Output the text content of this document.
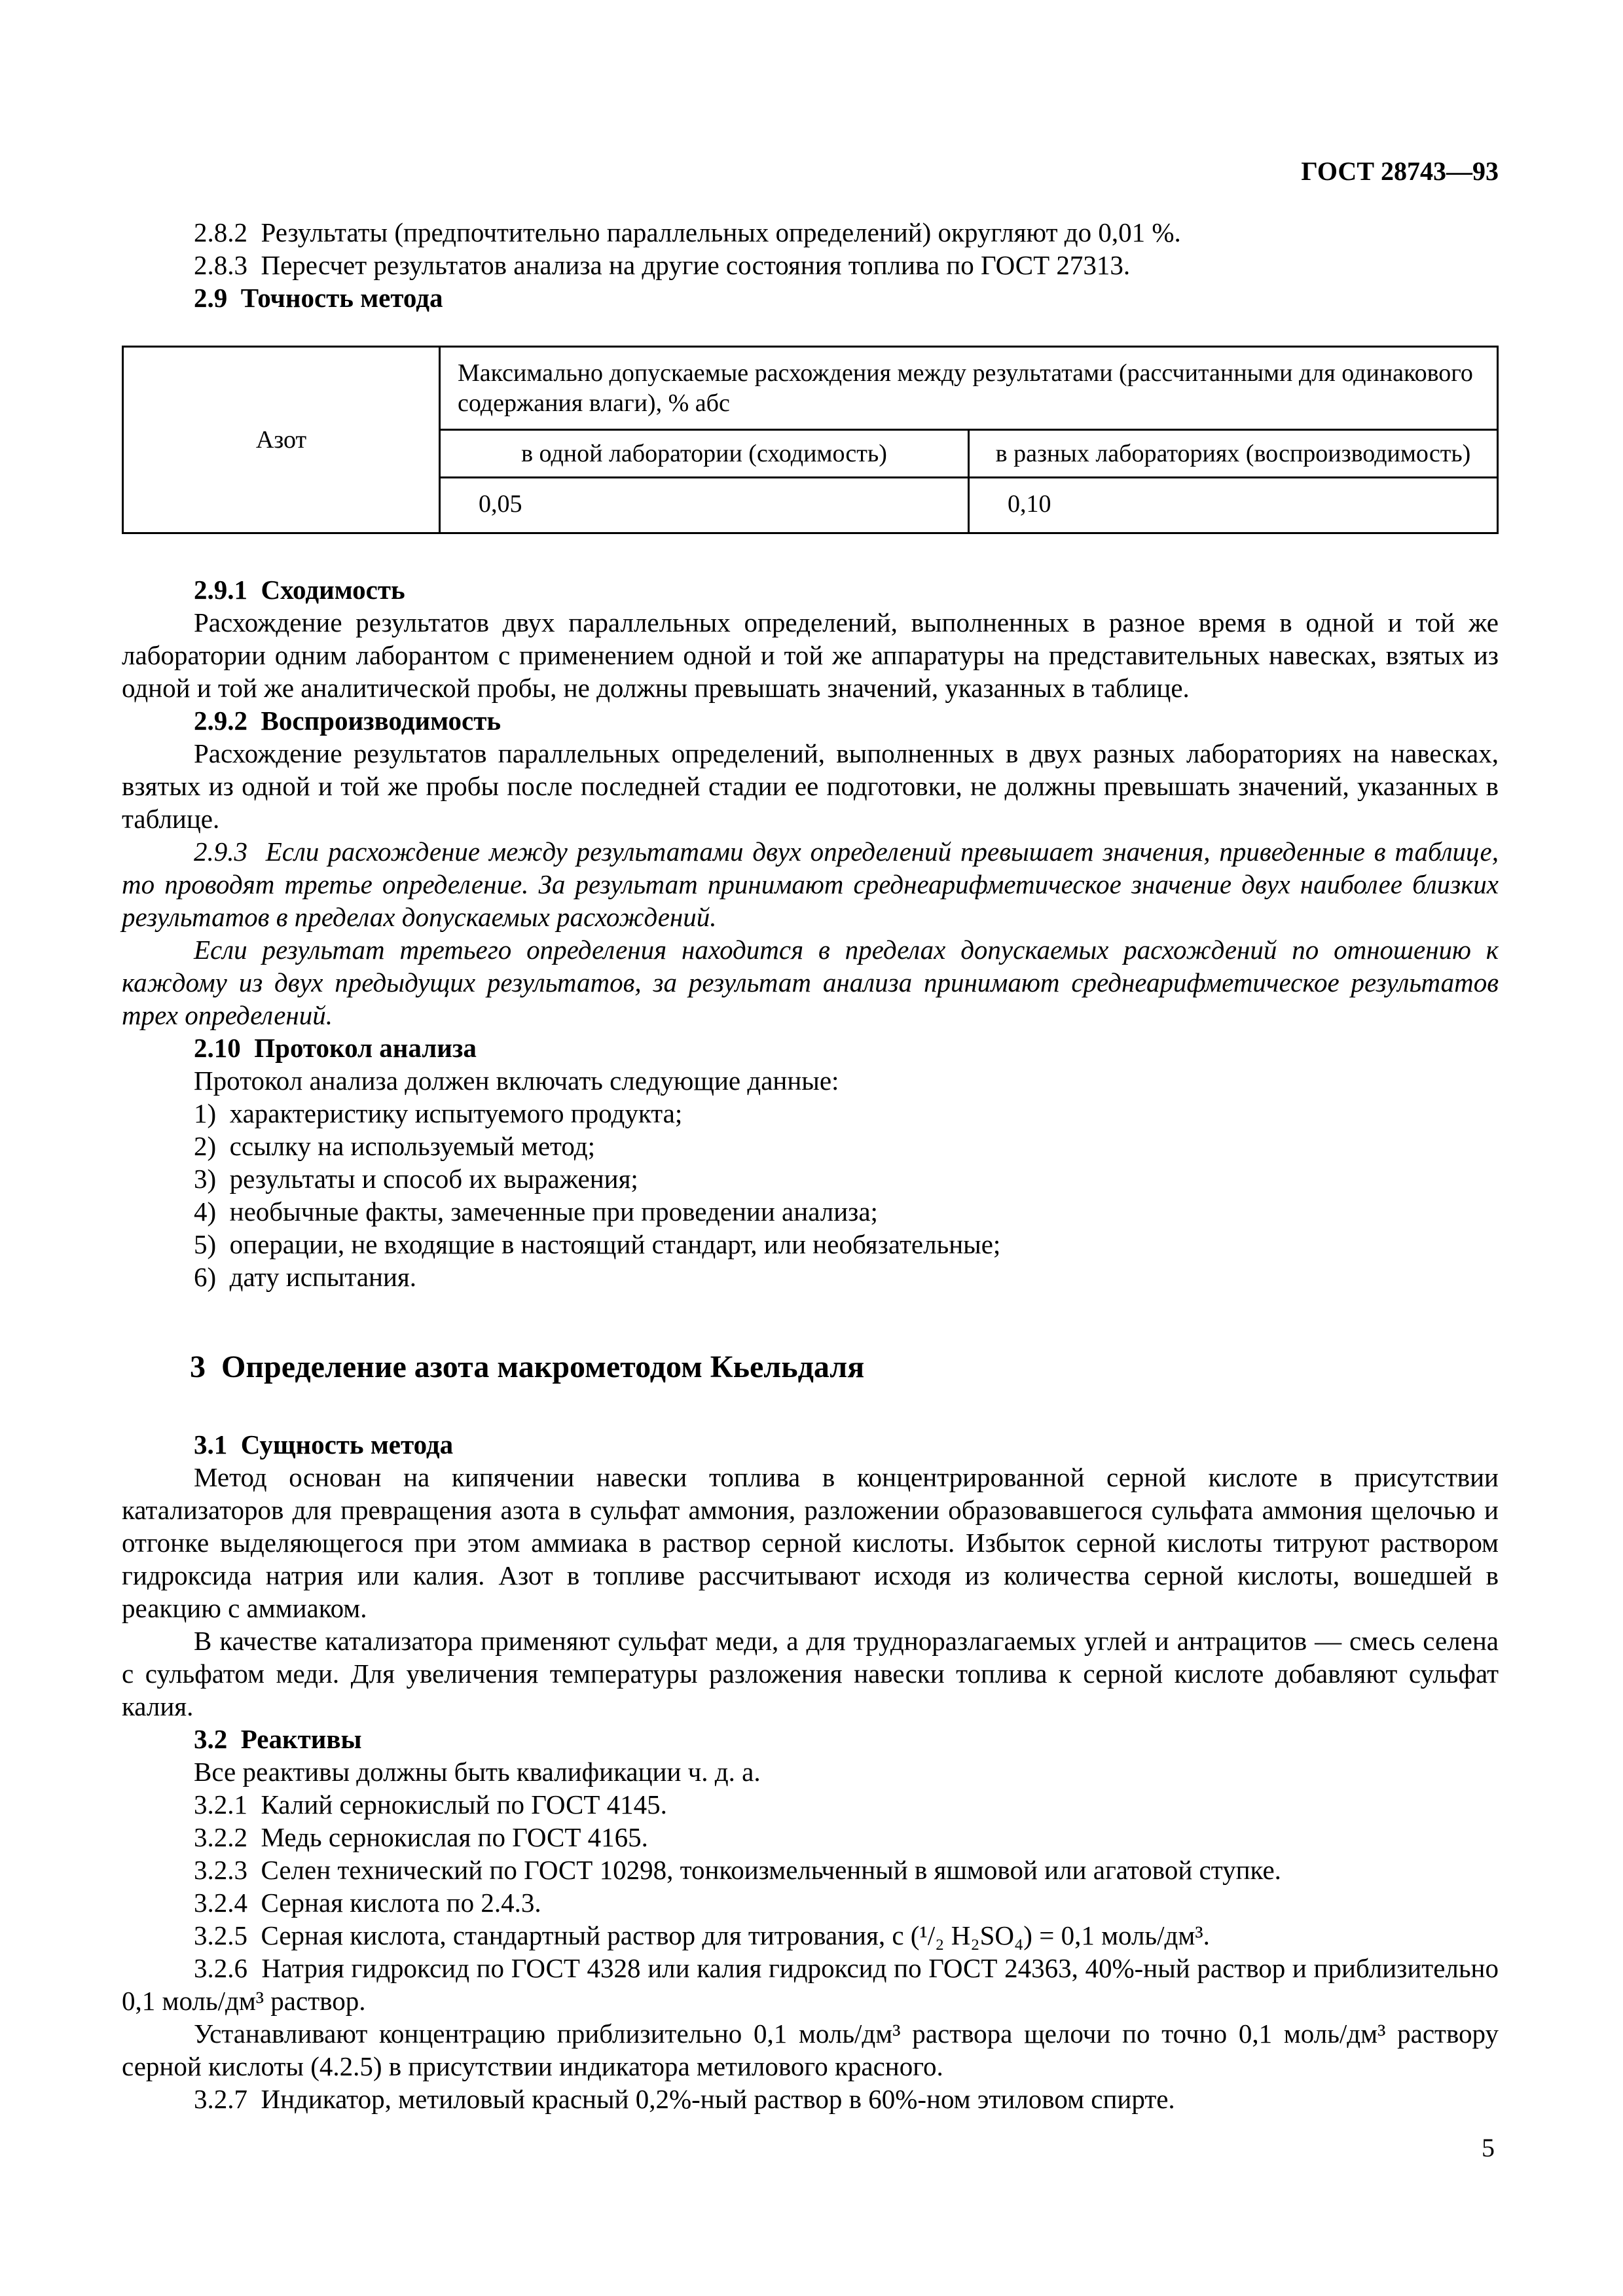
ГОСТ 28743—93

2.8.2  Результаты (предпочтительно параллельных определений) округляют до 0,01 %.

2.8.3  Пересчет результатов анализа на другие состояния топлива по ГОСТ 27313.

2.9  Точность метода

Азот	Максимально допускаемые расхождения между результатами (рассчитанными для одинакового содержания влаги), % абс	
	в одной лаборатории (сходимость)	в разных лабораториях (воспроизводимость)
	0,05	0,10

2.9.1  Сходимость

Расхождение результатов двух параллельных определений, выполненных в разное время в одной и той же лаборатории одним лаборантом с применением одной и той же аппаратуры на представительных навесках, взятых из одной и той же аналитической пробы, не должны превышать значений, указанных в таблице.

2.9.2  Воспроизводимость

Расхождение результатов параллельных определений, выполненных в двух разных лабораториях на навесках, взятых из одной и той же пробы после последней стадии ее подготовки, не должны превышать значений, указанных в таблице.

2.9.3  Если расхождение между результатами двух определений превышает значения, приведенные в таблице, то проводят третье определение. За результат принимают среднеарифметическое значение двух наиболее близких результатов в пределах допускаемых расхождений.

Если результат третьего определения находится в пределах допускаемых расхождений по отношению к каждому из двух предыдущих результатов, за результат анализа принимают среднеарифметическое результатов трех определений.

2.10  Протокол анализа

Протокол анализа должен включать следующие данные:

1)  характеристику испытуемого продукта;

2)  ссылку на используемый метод;

3)  результаты и способ их выражения;

4)  необычные факты, замеченные при проведении анализа;

5)  операции, не входящие в настоящий стандарт, или необязательные;

6)  дату испытания.

3  Определение азота макрометодом Кьельдаля

3.1  Сущность метода

Метод основан на кипячении навески топлива в концентрированной серной кислоте в присутствии катализаторов для превращения азота в сульфат аммония, разложении образовавшегося сульфата аммония щелочью и отгонке выделяющегося при этом аммиака в раствор серной кислоты. Избыток серной кислоты титруют раствором гидроксида натрия или калия. Азот в топливе рассчитывают исходя из количества серной кислоты, вошедшей в реакцию с аммиаком.

В качестве катализатора применяют сульфат меди, а для трудноразлагаемых углей и антрацитов — смесь селена с сульфатом меди. Для увеличения температуры разложения навески топлива к серной кислоте добавляют сульфат калия.

3.2  Реактивы

Все реактивы должны быть квалификации ч. д. а.

3.2.1  Калий сернокислый по ГОСТ 4145.

3.2.2  Медь сернокислая по ГОСТ 4165.

3.2.3  Селен технический по ГОСТ 10298, тонкоизмельченный в яшмовой или агатовой ступке.

3.2.4  Серная кислота по 2.4.3.

3.2.5  Серная кислота, стандартный раствор для титрования, с (¹/₂ H₂SO₄) = 0,1 моль/дм³.

3.2.6  Натрия гидроксид по ГОСТ 4328 или калия гидроксид по ГОСТ 24363, 40%-ный раствор и приблизительно 0,1 моль/дм³ раствор.

Устанавливают концентрацию приблизительно 0,1 моль/дм³ раствора щелочи по точно 0,1 моль/дм³ раствору серной кислоты (4.2.5) в присутствии индикатора метилового красного.

3.2.7  Индикатор, метиловый красный 0,2%-ный раствор в 60%-ном этиловом спирте.

5
